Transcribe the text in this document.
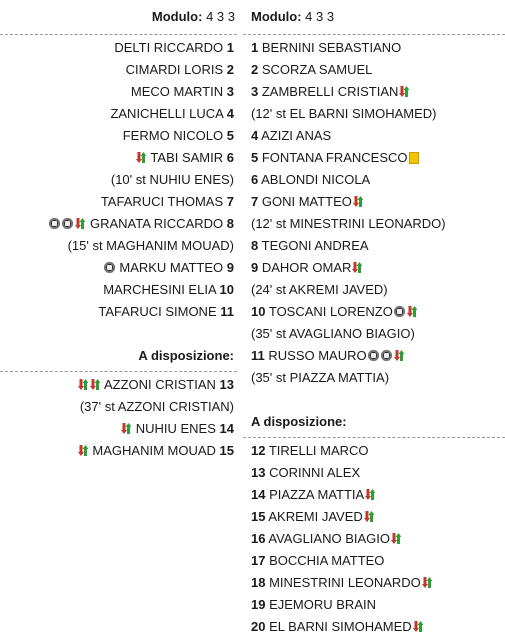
Modulo: 4 3 3
DELTI RICCARDO 1
CIMARDI LORIS 2
MECO MARTIN 3
ZANICHELLI LUCA 4
FERMO NICOLO 5
TABI SAMIR 6
(10' st NUHIU ENES)
TAFARUCI THOMAS 7
GRANATA RICCARDO 8
(15' st MAGHANIM MOUAD)
MARKU MATTEO 9
MARCHESINI ELIA 10
TAFARUCI SIMONE 11
A disposizione:
AZZONI CRISTIAN 13
(37' st AZZONI CRISTIAN)
NUHIU ENES 14
MAGHANIM MOUAD 15
Modulo: 4 3 3
1 BERNINI SEBASTIANO
2 SCORZA SAMUEL
3 ZAMBRELLI CRISTIAN
(12' st EL BARNI SIMOHAMED)
4 AZIZI ANAS
5 FONTANA FRANCESCO
6 ABLONDI NICOLA
7 GONI MATTEO
(12' st MINESTRINI LEONARDO)
8 TEGONI ANDREA
9 DAHOR OMAR
(24' st AKREMI JAVED)
10 TOSCANI LORENZO
(35' st AVAGLIANO BIAGIO)
11 RUSSO MAURO
(35' st PIAZZA MATTIA)
A disposizione:
12 TIRELLI MARCO
13 CORINNI ALEX
14 PIAZZA MATTIA
15 AKREMI JAVED
16 AVAGLIANO BIAGIO
17 BOCCHIA MATTEO
18 MINESTRINI LEONARDO
19 EJEMORU BRAIN
20 EL BARNI SIMOHAMED
